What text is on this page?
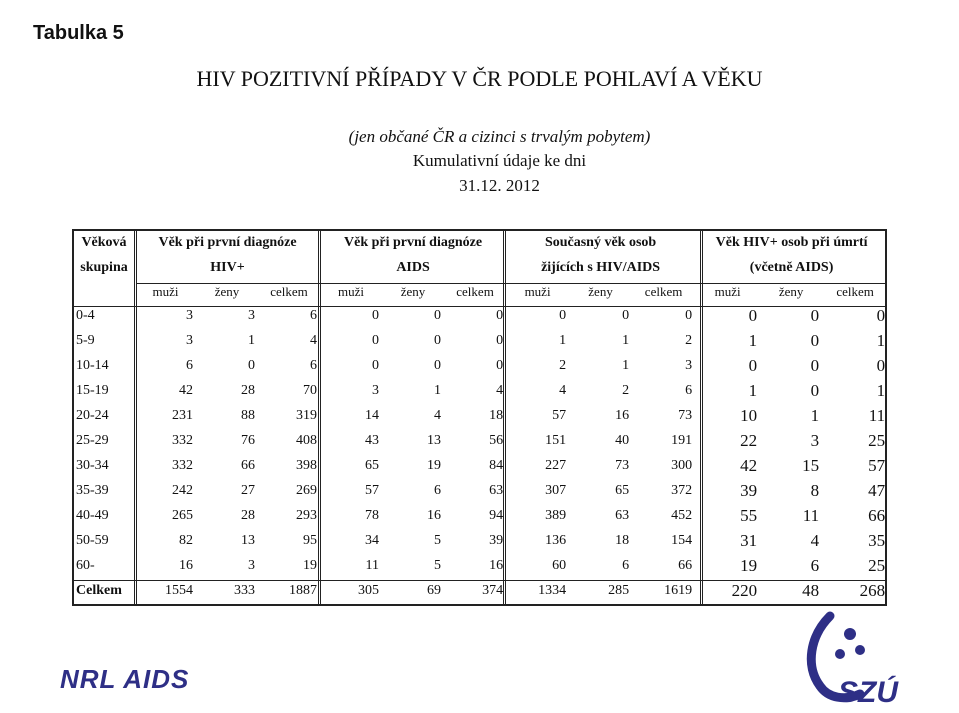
Tabulka 5
HIV POZITIVNÍ PŘÍPADY V ČR PODLE POHLAVÍ A VĚKU
(jen občané ČR a cizinci s trvalým pobytem)
Kumulativní údaje ke dni
31.12. 2012
Věková	Věk při první diagnóze			Věk při první diagnóze			Současný věk osob			Věk HIV+ osob při úmrtí		
skupina	HIV+			AIDS			žijících s HIV/AIDS			(včetně AIDS)		
	muži	ženy	celkem	muži	ženy	celkem	muži	ženy	celkem	muži	ženy	celkem
0-4	3	3	6	0	0	0	0	0	0	0	0	0
5-9	3	1	4	0	0	0	1	1	2	1	0	1
10-14	6	0	6	0	0	0	2	1	3	0	0	0
15-19	42	28	70	3	1	4	4	2	6	1	0	1
20-24	231	88	319	14	4	18	57	16	73	10	1	11
25-29	332	76	408	43	13	56	151	40	191	22	3	25
30-34	332	66	398	65	19	84	227	73	300	42	15	57
35-39	242	27	269	57	6	63	307	65	372	39	8	47
40-49	265	28	293	78	16	94	389	63	452	55	11	66
50-59	82	13	95	34	5	39	136	18	154	31	4	35
60-	16	3	19	11	5	16	60	6	66	19	6	25
Celkem	1554	333	1887	305	69	374	1334	285	1619	220	48	268
NRL AIDS	SZÚ
